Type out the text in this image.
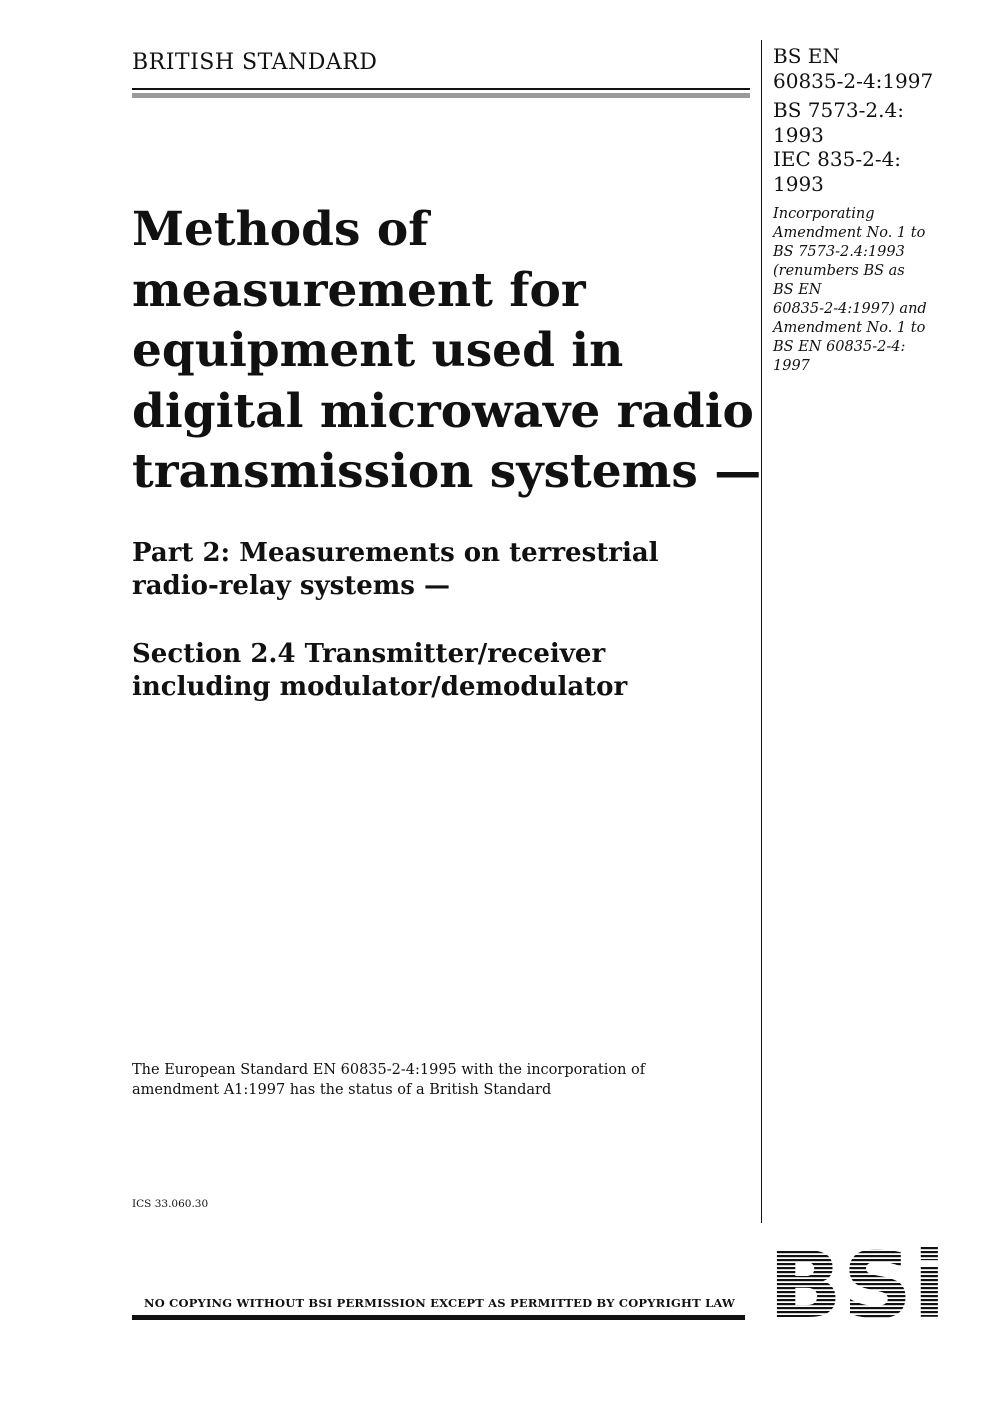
BRITISH STANDARD	BS EN
60835-2-4:1997
BS 7573-2.4:
1993
IEC 835-2-4:
1993
Incorporating
Amendment No. 1 to
BS 7573-2.4:1993
(renumbers BS as
BS EN
60835-2-4:1997) and
Amendment No. 1 to
BS EN 60835-2-4:
1997
Methods of
measurement for
equipment used in
digital microwave radio
transmission systems —
Part 2: Measurements on terrestrial
radio-relay systems —
Section 2.4 Transmitter/receiver
including modulator/demodulator
The European Standard EN 60835-2-4:1995 with the incorporation of
amendment A1:1997 has the status of a British Standard
ICS 33.060.30
NO COPYING WITHOUT BSI PERMISSION EXCEPT AS PERMITTED BY COPYRIGHT LAW
